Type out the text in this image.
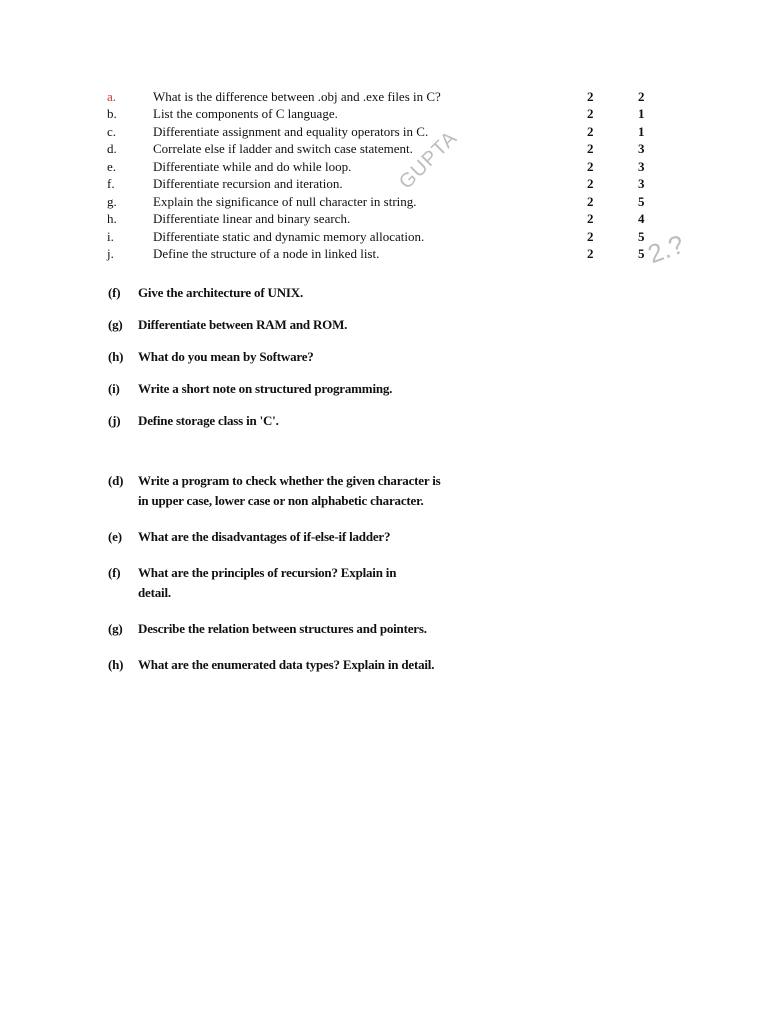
a.	What is the difference between .obj and .exe files in C?	2	2
b.	List the components of C language.	2	1
c.	Differentiate assignment and equality operators in C.	2	1
d.	Correlate else if ladder and switch case statement.	2	3
e.	Differentiate while and do while loop.	2	3
f.	Differentiate recursion and iteration.	2	3
g.	Explain the significance of null character in string.	2	5
h.	Differentiate linear and binary search.	2	4
i.	Differentiate static and dynamic memory allocation.	2	5
j.	Define the structure of a node in linked list.	2	5
GUPTA
2.?
(f) Give the architecture of UNIX.
(g) Differentiate between RAM and ROM.
(h) What do you mean by Software?
(i) Write a short note on structured programming.
(j) Define storage class in 'C'.
(d) Write a program to check whether the given character is
in upper case, lower case or non alphabetic character.
(e) What are the disadvantages of if-else-if ladder?
(f) What are the principles of recursion? Explain in
detail.
(g) Describe the relation between structures and pointers.
(h) What are the enumerated data types? Explain in detail.
